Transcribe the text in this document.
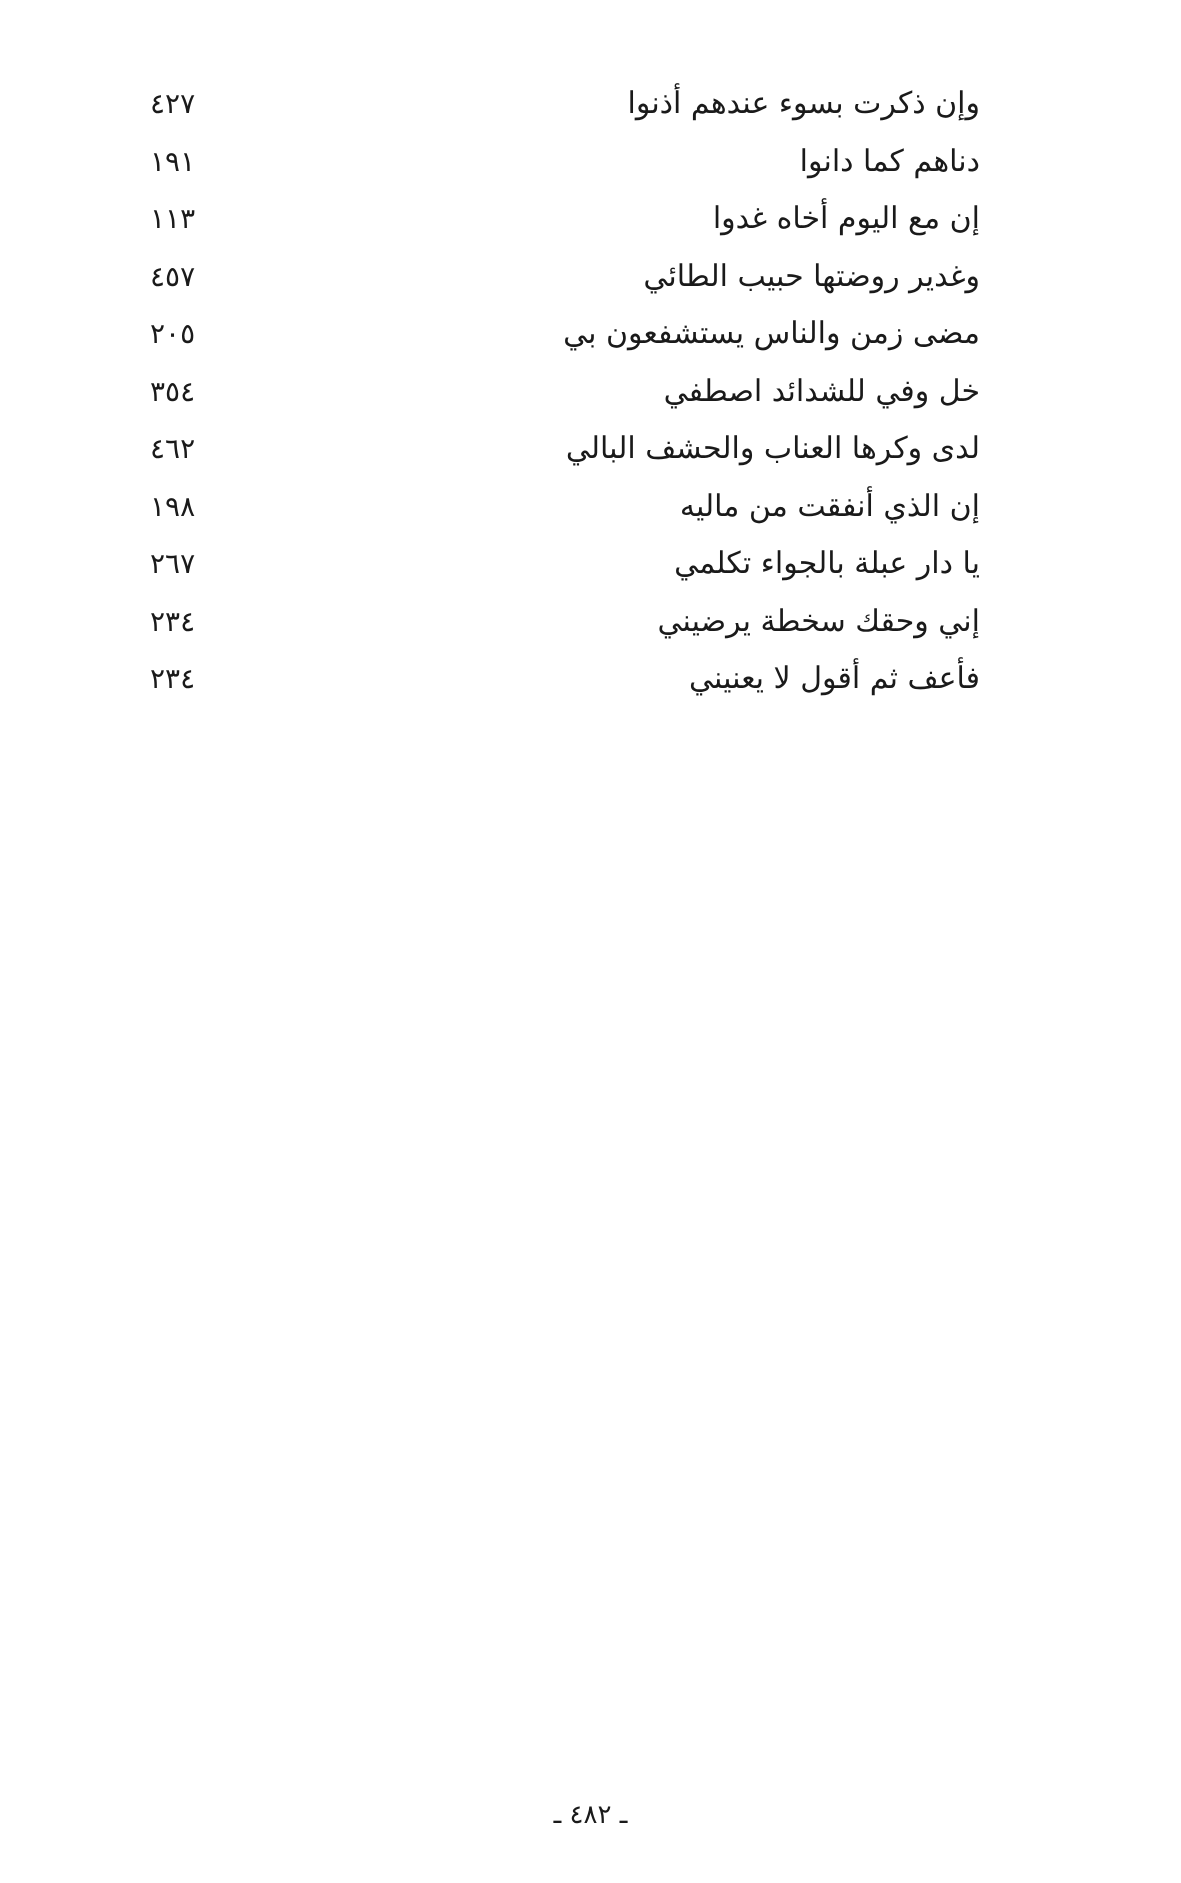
وإن ذكرت بسوء عندهم أذنوا
٤٢٧
دناهم كما دانوا
١٩١
إن مع اليوم أخاه غدوا
١١٣
وغدير روضتها حبيب الطائي
٤٥٧
مضى زمن والناس يستشفعون بي
٢٠٥
خل وفي للشدائد اصطفي
٣٥٤
لدى وكرها العناب والحشف البالي
٤٦٢
إن الذي أنفقت من ماليه
١٩٨
يا دار عبلة بالجواء تكلمي
٢٦٧
إني وحقك سخطة يرضيني
٢٣٤
فأعف ثم أقول لا يعنيني
٢٣٤
ـ ٤٨٢ ـ
